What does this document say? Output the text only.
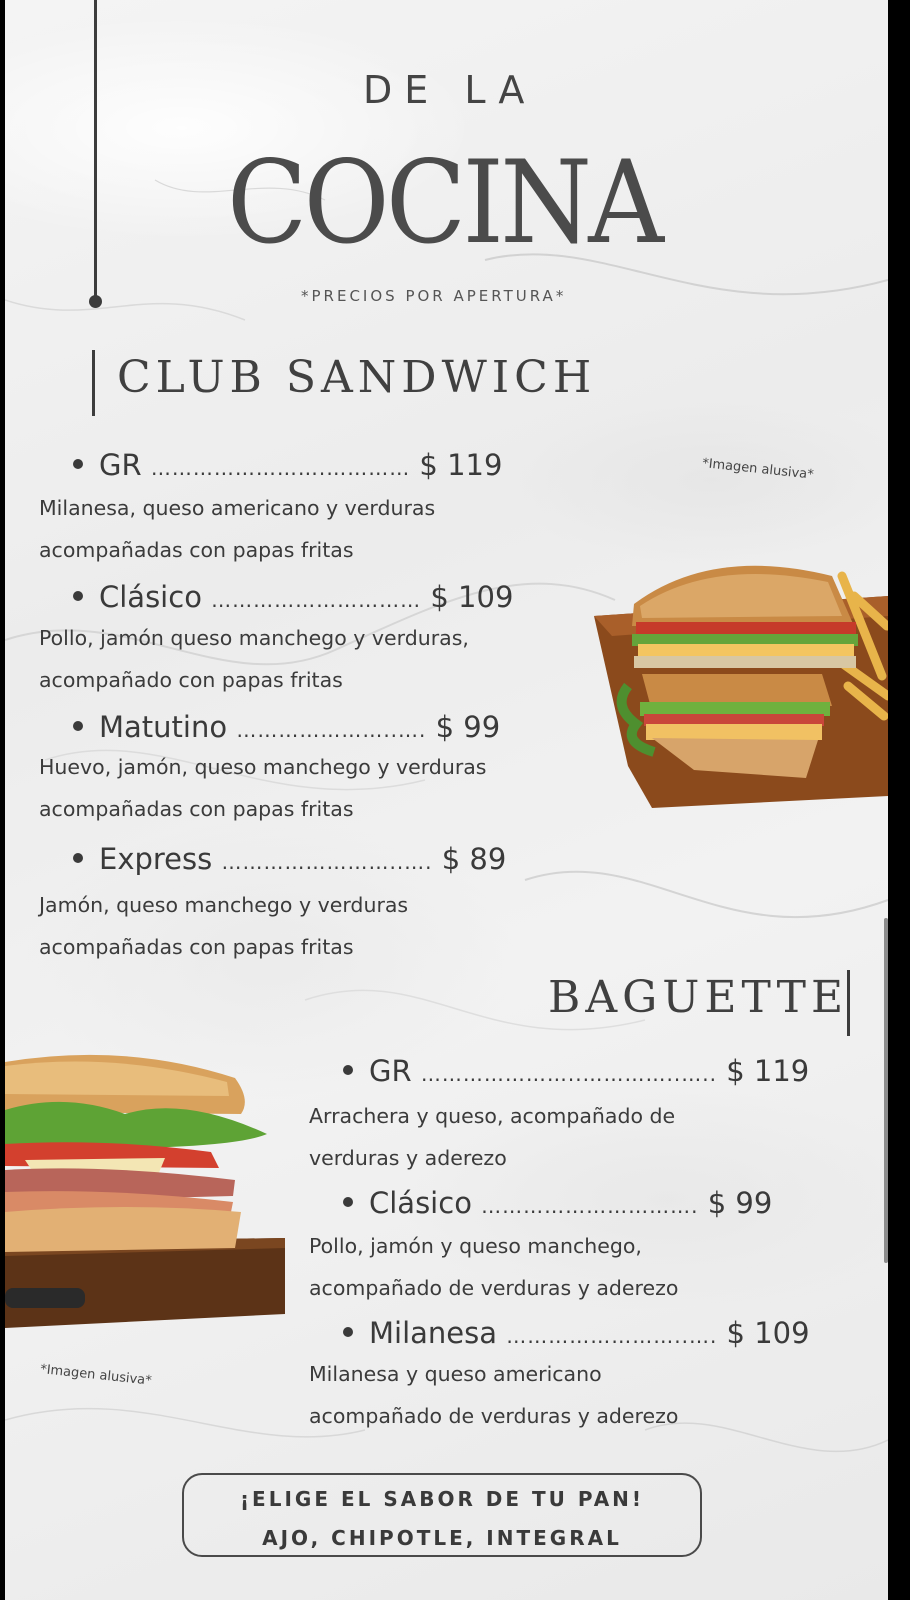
DE LA
COCINA
*PRECIOS POR APERTURA*
CLUB SANDWICH
GR …………………….………… $ 119
Milanesa, queso americano y verduras
acompañadas con papas fritas
Clásico ………………………… $ 109
Pollo, jamón queso manchego y verduras,
acompañado con papas fritas
Matutino …………………..…. $ 99
Huevo, jamón, queso manchego y verduras
acompañadas con papas fritas
Express ……………………..…. $ 89
Jamón, queso manchego y verduras
acompañadas con papas fritas
*Imagen alusiva*
BAGUETTE
GR …………………..…………..….. $ 119
Arrachera y queso, acompañado de
verduras y aderezo
Clásico …………………………. $ 99
Pollo, jamón y queso manchego,
acompañado de verduras y aderezo
Milanesa ……………………..…. $ 109
Milanesa y queso americano
acompañado de verduras y aderezo
*Imagen alusiva*
¡ELIGE EL SABOR DE TU PAN!
AJO, CHIPOTLE, INTEGRAL
